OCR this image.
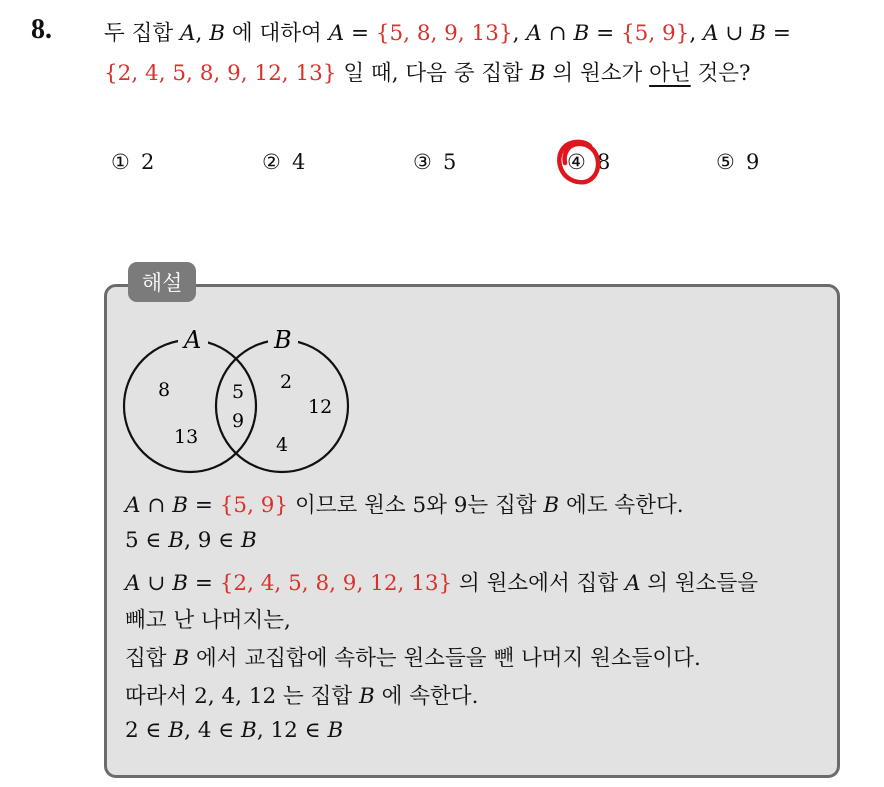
8. 두 집합 A, B 에 대하여 A = {5, 8, 9, 13}, A ∩ B = {5, 9}, A ∪ B =
{2, 4, 5, 8, 9, 12, 13} 일 때, 다음 중 집합 B 의 원소가 아닌 것은?
① 2	② 4	③ 5	④ 8	⑤ 9
해설
A	B
8
13
5
9
2
12
4
A ∩ B = {5, 9} 이므로 원소 5와 9는 집합 B 에도 속한다.
5 ∈ B, 9 ∈ B
A ∪ B = {2, 4, 5, 8, 9, 12, 13} 의 원소에서 집합 A 의 원소들을
빼고 난 나머지는,
집합 B 에서 교집합에 속하는 원소들을 뺀 나머지 원소들이다.
따라서 2, 4, 12 는 집합 B 에 속한다.
2 ∈ B, 4 ∈ B, 12 ∈ B
